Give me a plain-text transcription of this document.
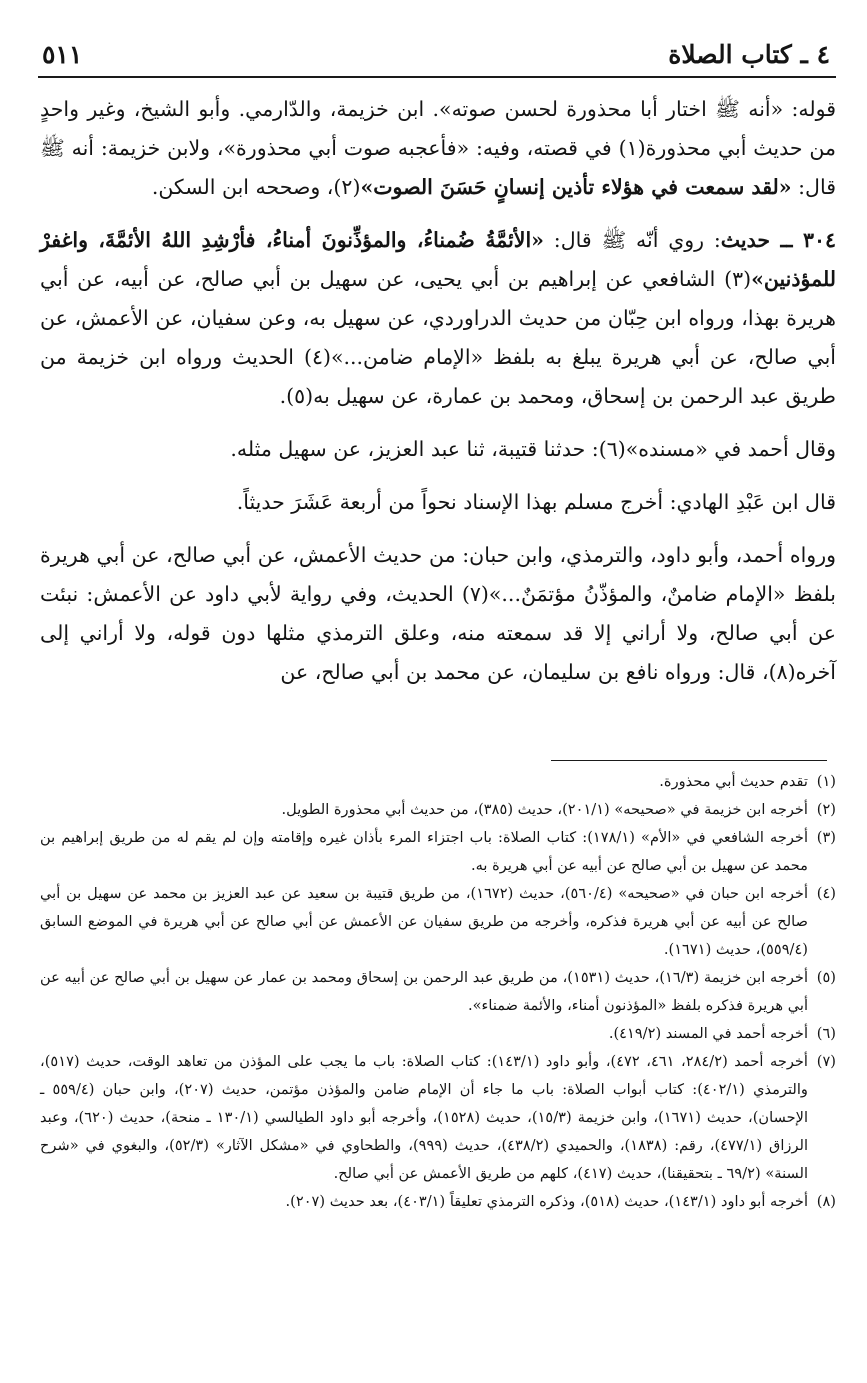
٤ ـ كتاب الصلاة
٥١١

قوله: «أنه ﷺ اختار أبا محذورة لحسن صوته». ابن خزيمة، والدّارمي. وأبو الشيخ، وغير واحدٍ من حديث أبي محذورة(١) في قصته، وفيه: «فأعجبه صوت أبي محذورة»، ولابن خزيمة: أنه ﷺ قال: «لقد سمعت في هؤلاء تأذين إنسانٍ حَسَنَ الصوت»(٢)، وصححه ابن السكن.

٣٠٤ ــ حديث: روي أنّه ﷺ قال: «الأئمَّةُ ضُمناءُ، والمؤذِّنونَ أمناءُ، فأرْشِدِ اللهُ الأئمَّةَ، واغفرْ للمؤذنين»(٣) الشافعي عن إبراهيم بن أبي يحيى، عن سهيل بن أبي صالح، عن أبيه، عن أبي هريرة بهذا، ورواه ابن حِبّان من حديث الدراوردي، عن سهيل به، وعن سفيان، عن الأعمش، عن أبي صالح، عن أبي هريرة يبلغ به بلفظ «الإمام ضامن...»(٤) الحديث ورواه ابن خزيمة من طريق عبد الرحمن بن إسحاق، ومحمد بن عمارة، عن سهيل به(٥).

وقال أحمد في «مسنده»(٦): حدثنا قتيبة، ثنا عبد العزيز، عن سهيل مثله.

قال ابن عَبْدِ الهادي: أخرج مسلم بهذا الإسناد نحواً من أربعة عَشَرَ حديثاً.

ورواه أحمد، وأبو داود، والترمذي، وابن حبان: من حديث الأعمش، عن أبي صالح، عن أبي هريرة بلفظ «الإمام ضامنٌ، والمؤذّنُ مؤتمَنٌ...»(٧) الحديث، وفي رواية لأبي داود عن الأعمش: نبئت عن أبي صالح، ولا أراني إلا قد سمعته منه، وعلق الترمذي مثلها دون قوله، ولا أراني إلى آخره(٨)، قال: ورواه نافع بن سليمان، عن محمد بن أبي صالح، عن

(١)
تقدم حديث أبي محذورة.
(٢)
أخرجه ابن خزيمة في «صحيحه» (٢٠١/١)، حديث (٣٨٥)، من حديث أبي محذورة الطويل.
(٣)
أخرجه الشافعي في «الأم» (١٧٨/١): كتاب الصلاة: باب اجتزاء المرء بأذان غيره وإقامته وإن لم يقم له من طريق إبراهيم بن محمد عن سهيل بن أبي صالح عن أبيه عن أبي هريرة به.
(٤)
أخرجه ابن حبان في «صحيحه» (٥٦٠/٤)، حديث (١٦٧٢)، من طريق قتيبة بن سعيد عن عبد العزيز بن محمد عن سهيل بن أبي صالح عن أبيه عن أبي هريرة فذكره، وأخرجه من طريق سفيان عن الأعمش عن أبي صالح عن أبي هريرة في الموضع السابق (٥٥٩/٤)، حديث (١٦٧١).
(٥)
أخرجه ابن خزيمة (١٦/٣)، حديث (١٥٣١)، من طريق عبد الرحمن بن إسحاق ومحمد بن عمار عن سهيل بن أبي صالح عن أبيه عن أبي هريرة فذكره بلفظ «المؤذنون أمناء، والأئمة ضمناء».
(٦)
أخرجه أحمد في المسند (٤١٩/٢).
(٧)
أخرجه أحمد (٢٨٤/٢، ٤٦١، ٤٧٢)، وأبو داود (١٤٣/١): كتاب الصلاة: باب ما يجب على المؤذن من تعاهد الوقت، حديث (٥١٧)، والترمذي (٤٠٢/١): كتاب أبواب الصلاة: باب ما جاء أن الإمام ضامن والمؤذن مؤتمن، حديث (٢٠٧)، وابن حبان (٥٥٩/٤ ـ الإحسان)، حديث (١٦٧١)، وابن خزيمة (١٥/٣)، حديث (١٥٢٨)، وأخرجه أبو داود الطيالسي (١٣٠/١ ـ منحة)، حديث (٦٢٠)، وعبد الرزاق (٤٧٧/١)، رقم: (١٨٣٨)، والحميدي (٤٣٨/٢)، حديث (٩٩٩)، والطحاوي في «مشكل الآثار» (٥٢/٣)، والبغوي في «شرح السنة» (٦٩/٢ ـ بتحقيقنا)، حديث (٤١٧)، كلهم من طريق الأعمش عن أبي صالح.
(٨)
أخرجه أبو داود (١٤٣/١)، حديث (٥١٨)، وذكره الترمذي تعليقاً (٤٠٣/١)، بعد حديث (٢٠٧).
